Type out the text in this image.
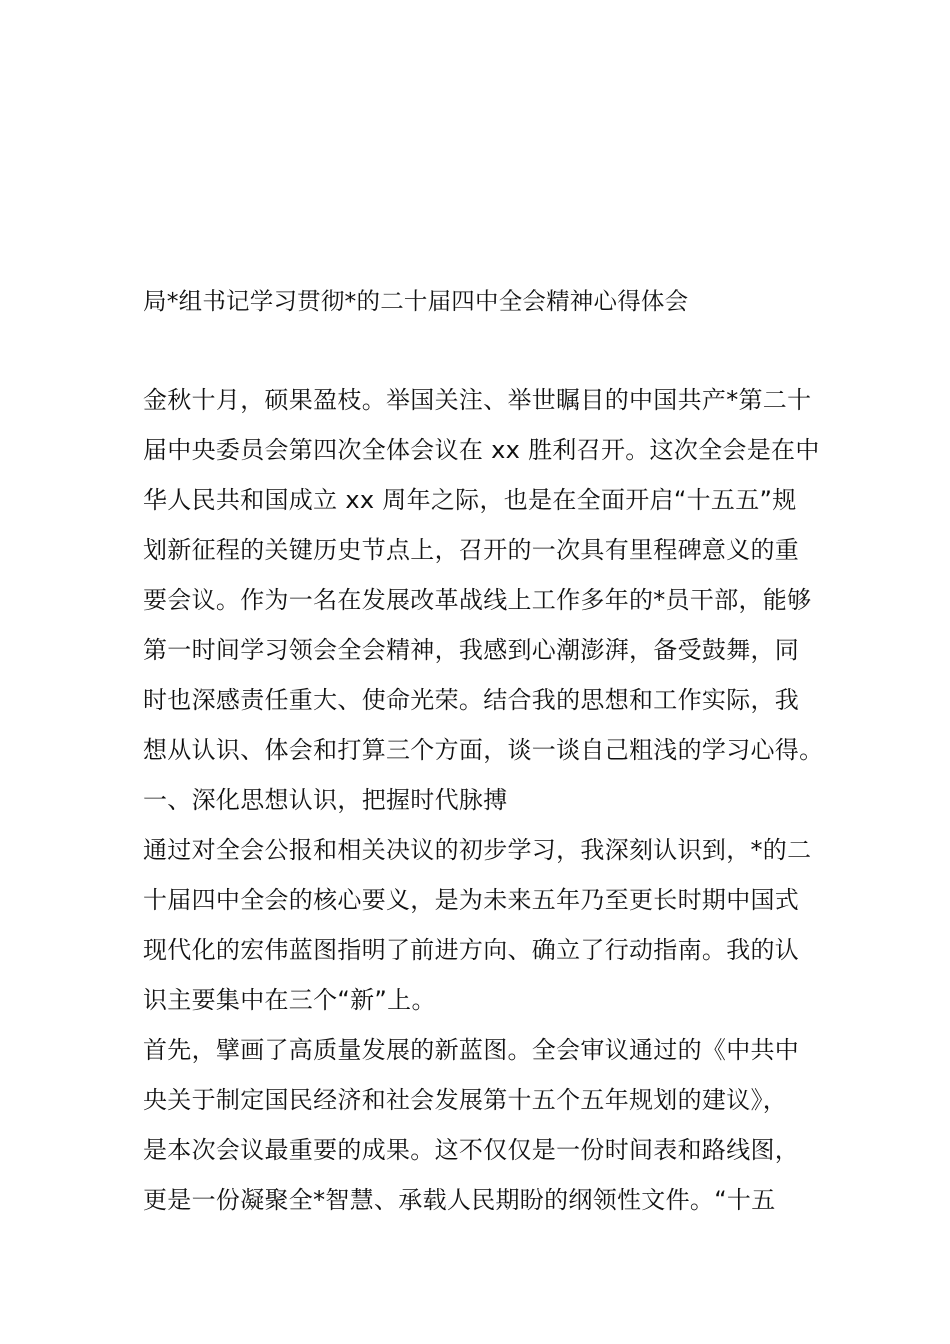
局*组书记学习贯彻*的二十届四中全会精神心得体会
金秋十月，硕果盈枝。举国关注、举世瞩目的中国共产*第二十
届中央委员会第四次全体会议在 xx 胜利召开。这次全会是在中
华人民共和国成立 xx 周年之际，也是在全面开启“十五五”规
划新征程的关键历史节点上，召开的一次具有里程碑意义的重
要会议。作为一名在发展改革战线上工作多年的*员干部，能够
第一时间学习领会全会精神，我感到心潮澎湃，备受鼓舞，同
时也深感责任重大、使命光荣。结合我的思想和工作实际，我
想从认识、体会和打算三个方面，谈一谈自己粗浅的学习心得。
一、深化思想认识，把握时代脉搏
通过对全会公报和相关决议的初步学习，我深刻认识到，*的二
十届四中全会的核心要义，是为未来五年乃至更长时期中国式
现代化的宏伟蓝图指明了前进方向、确立了行动指南。我的认
识主要集中在三个“新”上。
首先，擘画了高质量发展的新蓝图。全会审议通过的《中共中
央关于制定国民经济和社会发展第十五个五年规划的建议》，
是本次会议最重要的成果。这不仅仅是一份时间表和路线图，
更是一份凝聚全*智慧、承载人民期盼的纲领性文件。“十五
